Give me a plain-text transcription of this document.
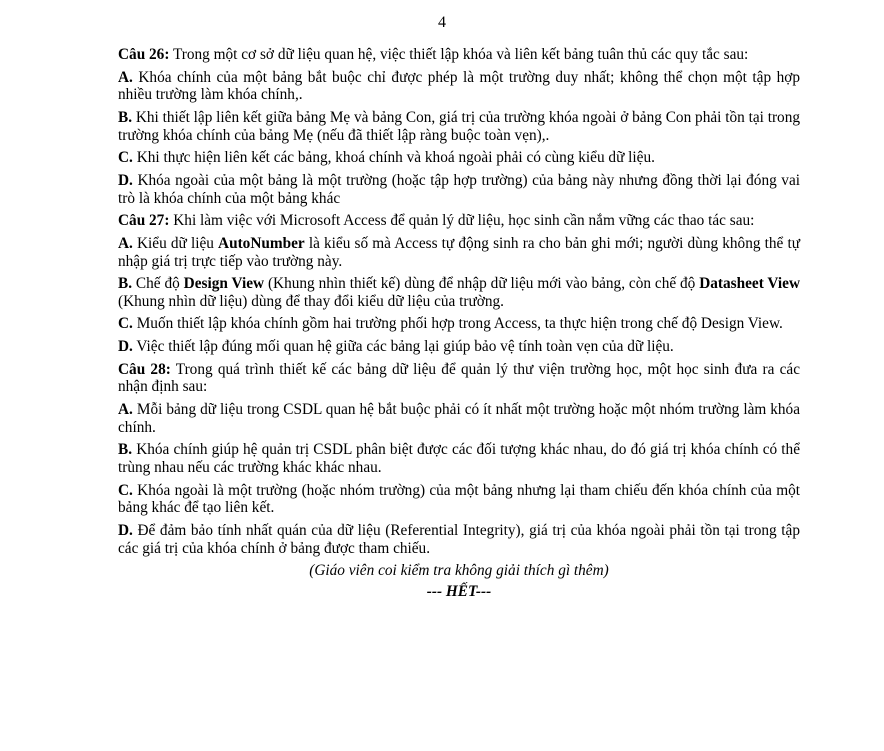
4

Câu 26: Trong một cơ sở dữ liệu quan hệ, việc thiết lập khóa và liên kết bảng tuân thủ các quy tắc sau:

A. Khóa chính của một bảng bắt buộc chỉ được phép là một trường duy nhất; không thể chọn một tập hợp nhiều trường làm khóa chính,.

B. Khi thiết lập liên kết giữa bảng Mẹ và bảng Con, giá trị của trường khóa ngoài ở bảng Con phải tồn tại trong trường khóa chính của bảng Mẹ (nếu đã thiết lập ràng buộc toàn vẹn),.

C. Khi thực hiện liên kết các bảng, khoá chính và khoá ngoài phải có cùng kiểu dữ liệu.

D. Khóa ngoài của một bảng là một trường (hoặc tập hợp trường) của bảng này nhưng đồng thời lại đóng vai trò là khóa chính của một bảng khác

Câu 27: Khi làm việc với Microsoft Access để quản lý dữ liệu, học sinh cần nắm vững các thao tác sau:

A. Kiểu dữ liệu AutoNumber là kiểu số mà Access tự động sinh ra cho bản ghi mới; người dùng không thể tự nhập giá trị trực tiếp vào trường này.

B. Chế độ Design View (Khung nhìn thiết kế) dùng để nhập dữ liệu mới vào bảng, còn chế độ Datasheet View (Khung nhìn dữ liệu) dùng để thay đổi kiểu dữ liệu của trường.

C. Muốn thiết lập khóa chính gồm hai trường phối hợp trong Access, ta thực hiện trong chế độ Design View.

D. Việc thiết lập đúng mối quan hệ giữa các bảng lại giúp bảo vệ tính toàn vẹn của dữ liệu.

Câu 28: Trong quá trình thiết kế các bảng dữ liệu để quản lý thư viện trường học, một học sinh đưa ra các nhận định sau:

A. Mỗi bảng dữ liệu trong CSDL quan hệ bắt buộc phải có ít nhất một trường hoặc một nhóm trường làm khóa chính.

B. Khóa chính giúp hệ quản trị CSDL phân biệt được các đối tượng khác nhau, do đó giá trị khóa chính có thể trùng nhau nếu các trường khác khác nhau.

C. Khóa ngoài là một trường (hoặc nhóm trường) của một bảng nhưng lại tham chiếu đến khóa chính của một bảng khác để tạo liên kết.

D. Để đảm bảo tính nhất quán của dữ liệu (Referential Integrity), giá trị của khóa ngoài phải tồn tại trong tập các giá trị của khóa chính ở bảng được tham chiếu.

(Giáo viên coi kiểm tra không giải thích gì thêm)
--- HẾT---
